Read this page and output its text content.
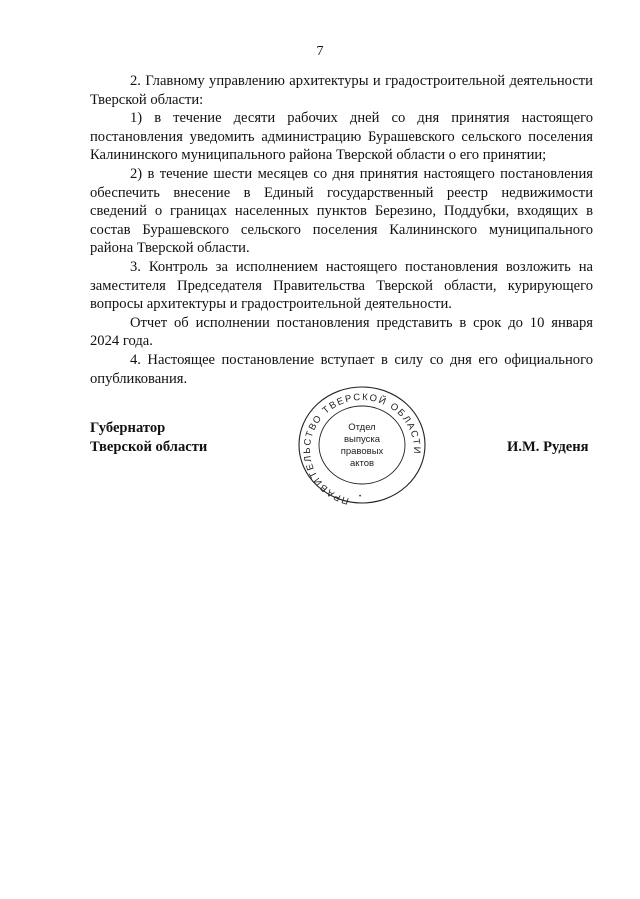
7

2. Главному управлению архитектуры и градостроительной деятельности Тверской области:

1) в течение десяти рабочих дней со дня принятия настоящего постановления уведомить администрацию Бурашевского сельского поселения Калининского муниципального района Тверской области о его принятии;

2) в течение шести месяцев со дня принятия настоящего постановления обеспечить внесение в Единый государственный реестр недвижимости сведений о границах населенных пунктов Березино, Поддубки, входящих в состав Бурашевского сельского поселения Калининского муниципального района Тверской области.

3. Контроль за исполнением настоящего постановления возложить на заместителя Председателя Правительства Тверской области, курирующего вопросы архитектуры и градостроительной деятельности.

Отчет об исполнении постановления представить в срок до 10 января 2024 года.

4. Настоящее постановление вступает в силу со дня его официального опубликования.

Губернатор
Тверской области	И.М. Руденя
ПРАВИТЕЛЬСТВО ТВЕРСКОЙ ОБЛАСТИ
•
Отдел
выпуска
правовых
актов
